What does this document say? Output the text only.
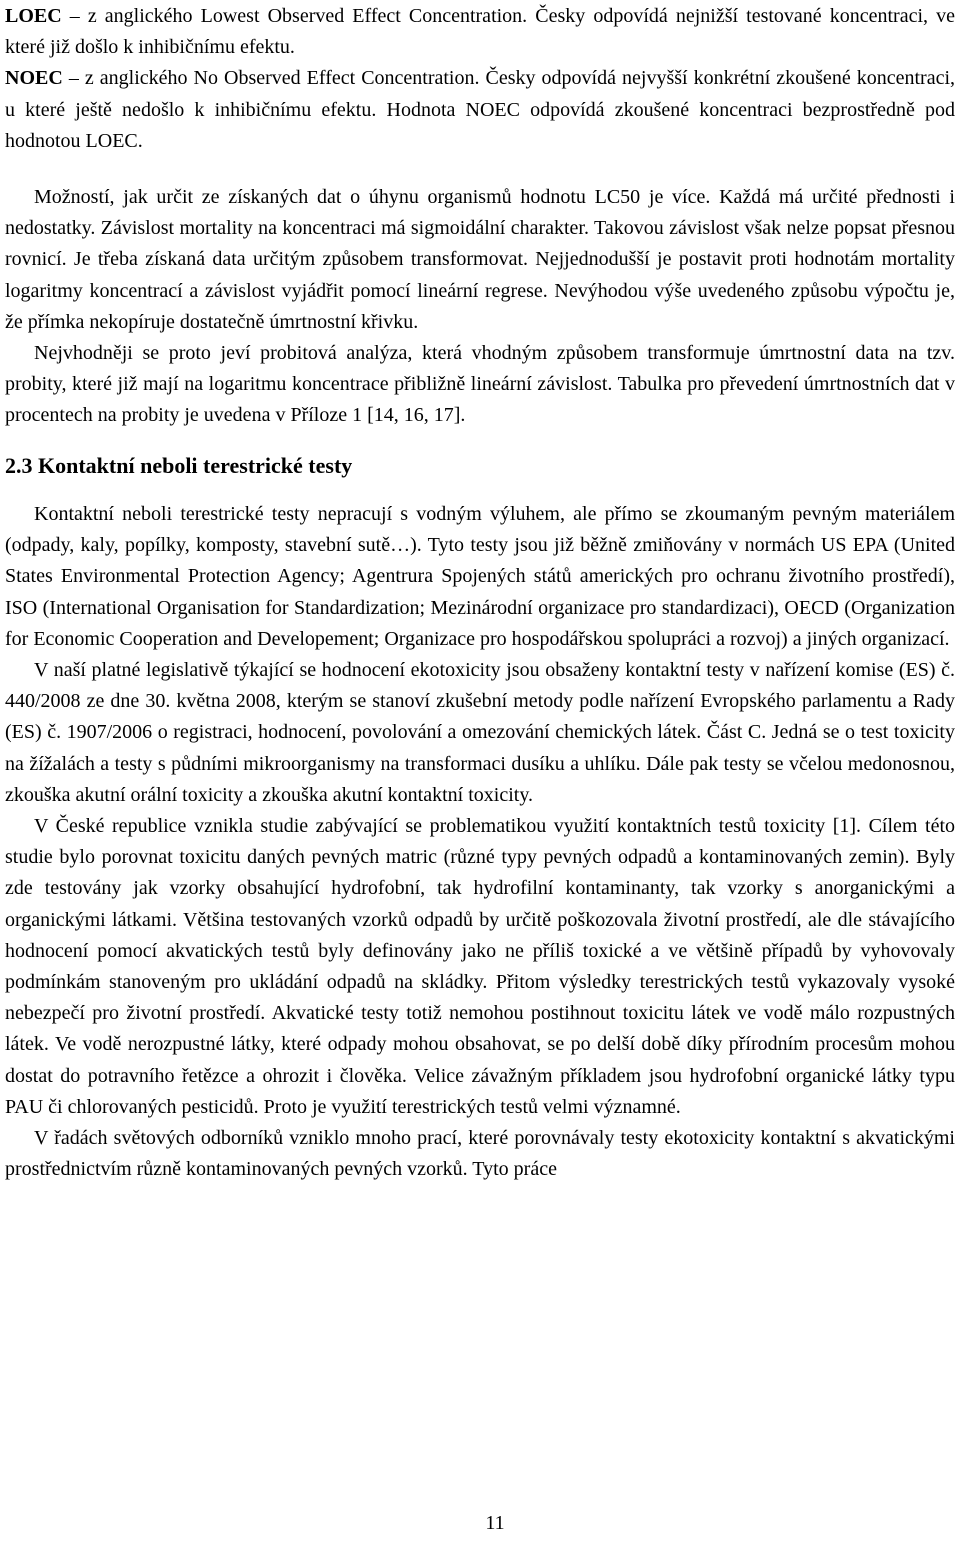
LOEC – z anglického Lowest Observed Effect Concentration. Česky odpovídá nejnižší testované koncentraci, ve které již došlo k inhibičnímu efektu.

NOEC – z anglického No Observed Effect Concentration. Česky odpovídá nejvyšší konkrétní zkoušené koncentraci, u které ještě nedošlo k inhibičnímu efektu. Hodnota NOEC odpovídá zkoušené koncentraci bezprostředně pod hodnotou LOEC.

Možností, jak určit ze získaných dat o úhynu organismů hodnotu LC50 je více. Každá má určité přednosti i nedostatky. Závislost mortality na koncentraci má sigmoidální charakter. Takovou závislost však nelze popsat přesnou rovnicí. Je třeba získaná data určitým způsobem transformovat. Nejjednodušší je postavit proti hodnotám mortality logaritmy koncentrací a závislost vyjádřit pomocí lineární regrese. Nevýhodou výše uvedeného způsobu výpočtu je, že přímka nekopíruje dostatečně úmrtnostní křivku.

Nejvhodněji se proto jeví probitová analýza, která vhodným způsobem transformuje úmrtnostní data na tzv. probity, které již mají na logaritmu koncentrace přibližně lineární závislost. Tabulka pro převedení úmrtnostních dat v procentech na probity je uvedena v Příloze 1 [14, 16, 17].

2.3 Kontaktní neboli terestrické testy

Kontaktní neboli terestrické testy nepracují s vodným výluhem, ale přímo se zkoumaným pevným materiálem (odpady, kaly, popílky, komposty, stavební sutě…). Tyto testy jsou již běžně zmiňovány v normách US EPA (United States Environmental Protection Agency; Agentrura Spojených států amerických pro ochranu životního prostředí), ISO (International Organisation for Standardization; Mezinárodní organizace pro standardizaci), OECD (Organization for Economic Cooperation and Developement; Organizace pro hospodářskou spolupráci a rozvoj) a jiných organizací.

V naší platné legislativě týkající se hodnocení ekotoxicity jsou obsaženy kontaktní testy v nařízení komise (ES) č. 440/2008 ze dne 30. května 2008, kterým se stanoví zkušební metody podle nařízení Evropského parlamentu a Rady (ES) č. 1907/2006 o registraci, hodnocení, povolování a omezování chemických látek. Část C. Jedná se o test toxicity na žížalách a testy s půdními mikroorganismy na transformaci dusíku a uhlíku. Dále pak testy se včelou medonosnou, zkouška akutní orální toxicity a zkouška akutní kontaktní toxicity.

V České republice vznikla studie zabývající se problematikou využití kontaktních testů toxicity [1]. Cílem této studie bylo porovnat toxicitu daných pevných matric (různé typy pevných odpadů a kontaminovaných zemin). Byly zde testovány jak vzorky obsahující hydrofobní, tak hydrofilní kontaminanty, tak vzorky s anorganickými a organickými látkami. Většina testovaných vzorků odpadů by určitě poškozovala životní prostředí, ale dle stávajícího hodnocení pomocí akvatických testů byly definovány jako ne příliš toxické a ve většině případů by vyhovovaly podmínkám stanoveným pro ukládání odpadů na skládky. Přitom výsledky terestrických testů vykazovaly vysoké nebezpečí pro životní prostředí. Akvatické testy totiž nemohou postihnout toxicitu látek ve vodě málo rozpustných látek. Ve vodě nerozpustné látky, které odpady mohou obsahovat, se po delší době díky přírodním procesům mohou dostat do potravního řetězce a ohrozit i člověka. Velice závažným příkladem jsou hydrofobní organické látky typu PAU či chlorovaných pesticidů. Proto je využití terestrických testů velmi významné.

V řadách světových odborníků vzniklo mnoho prací, které porovnávaly testy ekotoxicity kontaktní s akvatickými prostřednictvím různě kontaminovaných pevných vzorků. Tyto práce

11
